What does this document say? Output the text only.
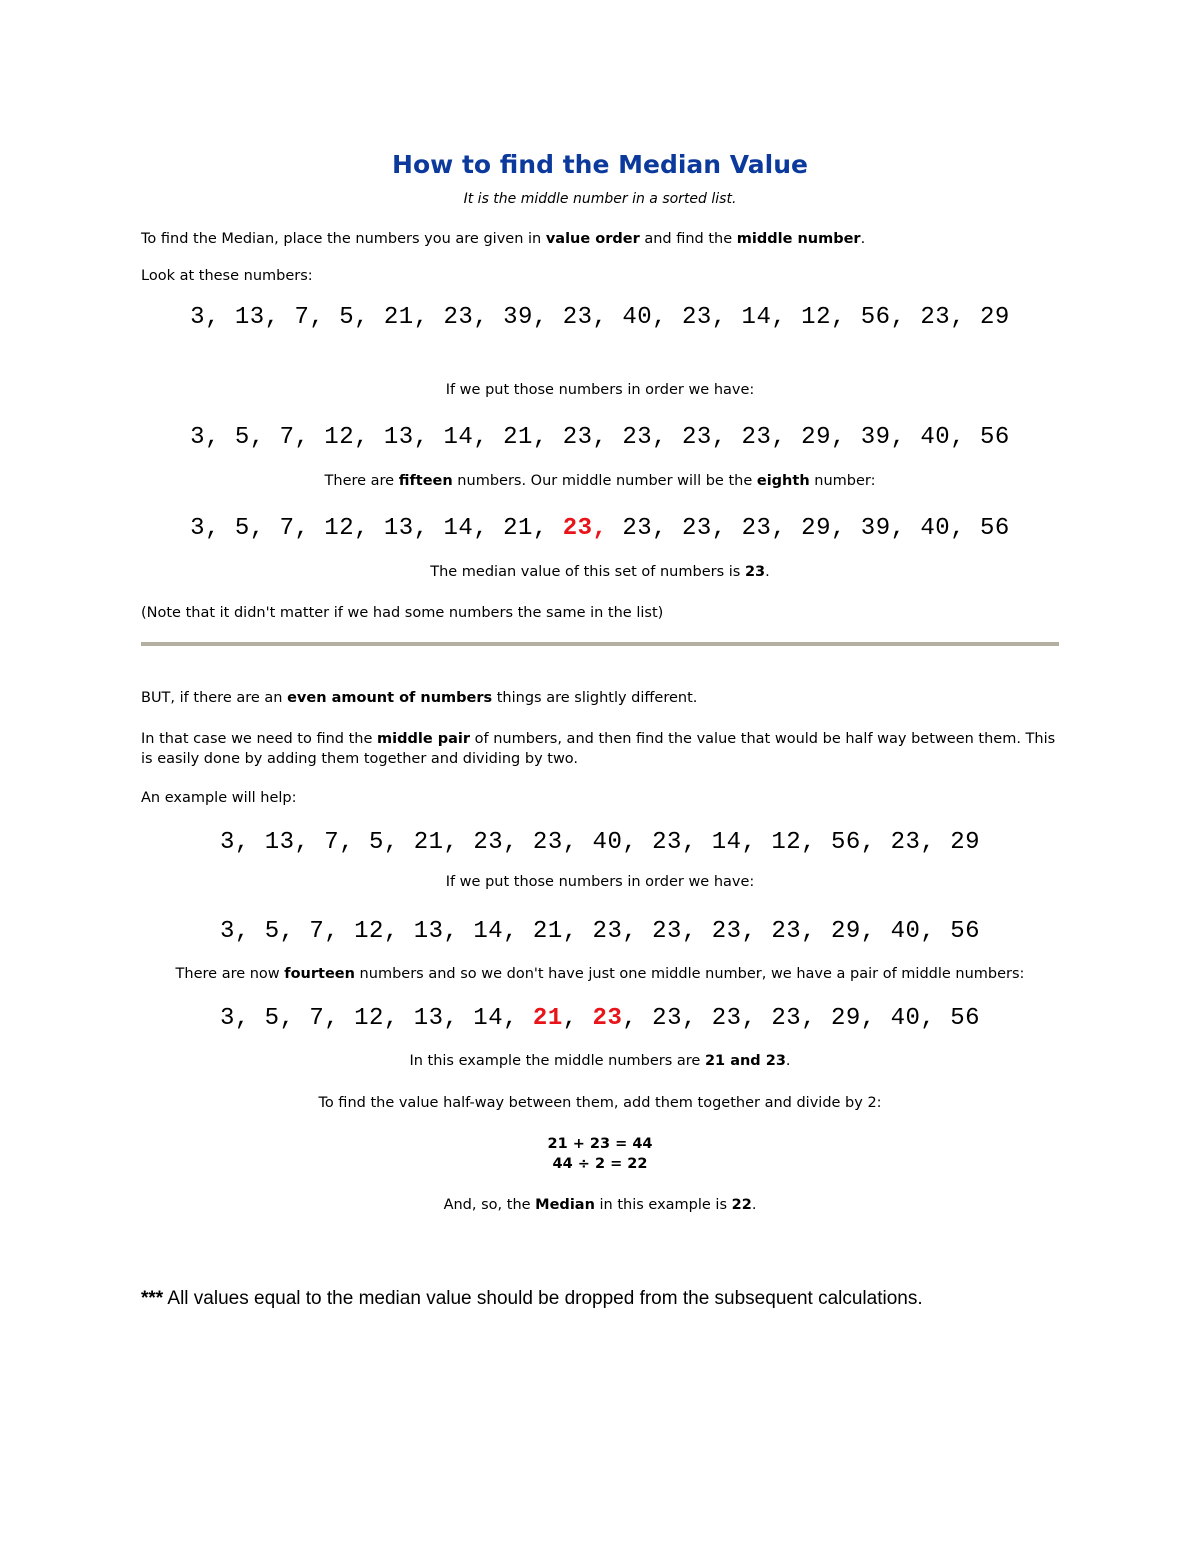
How to find the Median Value
It is the middle number in a sorted list.

To find the Median, place the numbers you are given in value order and find the middle number.

Look at these numbers:

3, 13, 7, 5, 21, 23, 39, 23, 40, 23, 14, 12, 56, 23, 29

If we put those numbers in order we have:

3, 5, 7, 12, 13, 14, 21, 23, 23, 23, 23, 29, 39, 40, 56

There are fifteen numbers. Our middle number will be the eighth number:

3, 5, 7, 12, 13, 14, 21, 23, 23, 23, 23, 29, 39, 40, 56

The median value of this set of numbers is 23.

(Note that it didn't matter if we had some numbers the same in the list)

BUT, if there are an even amount of numbers things are slightly different.

In that case we need to find the middle pair of numbers, and then find the value that would be half way between them. This is easily done by adding them together and dividing by two.

An example will help:

3, 13, 7, 5, 21, 23, 23, 40, 23, 14, 12, 56, 23, 29

If we put those numbers in order we have:

3, 5, 7, 12, 13, 14, 21, 23, 23, 23, 23, 29, 40, 56

There are now fourteen numbers and so we don't have just one middle number, we have a pair of middle numbers:

3, 5, 7, 12, 13, 14, 21, 23, 23, 23, 23, 29, 40, 56

In this example the middle numbers are 21 and 23.

To find the value half-way between them, add them together and divide by 2:

21 + 23 = 44
44 ÷ 2 = 22

And, so, the Median in this example is 22.

*** All values equal to the median value should be dropped from the subsequent calculations.
